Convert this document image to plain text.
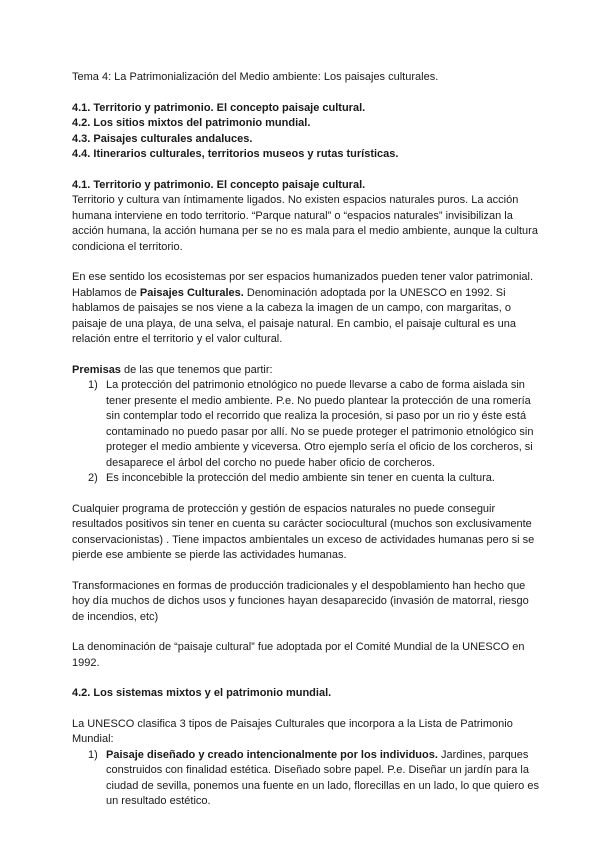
Tema 4: La Patrimonialización del Medio ambiente: Los paisajes culturales.

4.1. Territorio y patrimonio. El concepto paisaje cultural.

4.2. Los sitios mixtos del patrimonio mundial.

4.3. Paisajes culturales andaluces.

4.4. Itinerarios culturales, territorios museos y rutas turísticas.

4.1. Territorio y patrimonio. El concepto paisaje cultural.

Territorio y cultura van íntimamente ligados. No existen espacios naturales puros. La acción humana interviene en todo territorio. “Parque natural” o “espacios naturales” invisibilizan la acción humana, la acción humana per se no es mala para el medio ambiente, aunque la cultura condiciona el territorio.

En ese sentido los ecosistemas por ser espacios humanizados pueden tener valor patrimonial. Hablamos de Paisajes Culturales. Denominación adoptada por la UNESCO en 1992. Si hablamos de paisajes se nos viene a la cabeza la imagen de un campo, con margaritas, o paisaje de una playa, de una selva, el paisaje natural. En cambio, el paisaje cultural es una relación entre el territorio y el valor cultural.

Premisas de las que tenemos que partir:

1) La protección del patrimonio etnológico no puede llevarse a cabo de forma aislada sin tener presente el medio ambiente. P.e. No puedo plantear la protección de una romería sin contemplar todo el recorrido que realiza la procesión, si paso por un rio y éste está contaminado no puedo pasar por allí. No se puede proteger el patrimonio etnológico sin proteger el medio ambiente y viceversa. Otro ejemplo sería el oficio de los corcheros, si desaparece el árbol del corcho no puede haber oficio de corcheros.
2) Es inconcebible la protección del medio ambiente sin tener en cuenta la cultura.

Cualquier programa de protección y gestión de espacios naturales no puede conseguir resultados positivos sin tener en cuenta su carácter sociocultural (muchos son exclusivamente conservacionistas) . Tiene impactos ambientales un exceso de actividades humanas pero si se pierde ese ambiente se pierde las actividades humanas.

Transformaciones en formas de producción tradicionales y el despoblamiento han hecho que hoy día muchos de dichos usos y funciones hayan desaparecido (invasión de matorral, riesgo de incendios, etc)

La denominación de “paisaje cultural” fue adoptada por el Comité Mundial de la UNESCO en 1992.

4.2. Los sistemas mixtos y el patrimonio mundial.

La UNESCO clasifica 3 tipos de Paisajes Culturales que incorpora a la Lista de Patrimonio Mundial:

1) Paisaje diseñado y creado intencionalmente por los individuos. Jardines, parques construidos con finalidad estética. Diseñado sobre papel. P.e. Diseñar un jardín para la ciudad de sevilla, ponemos una fuente en un lado, florecillas en un lado, lo que quiero es un resultado estético.
